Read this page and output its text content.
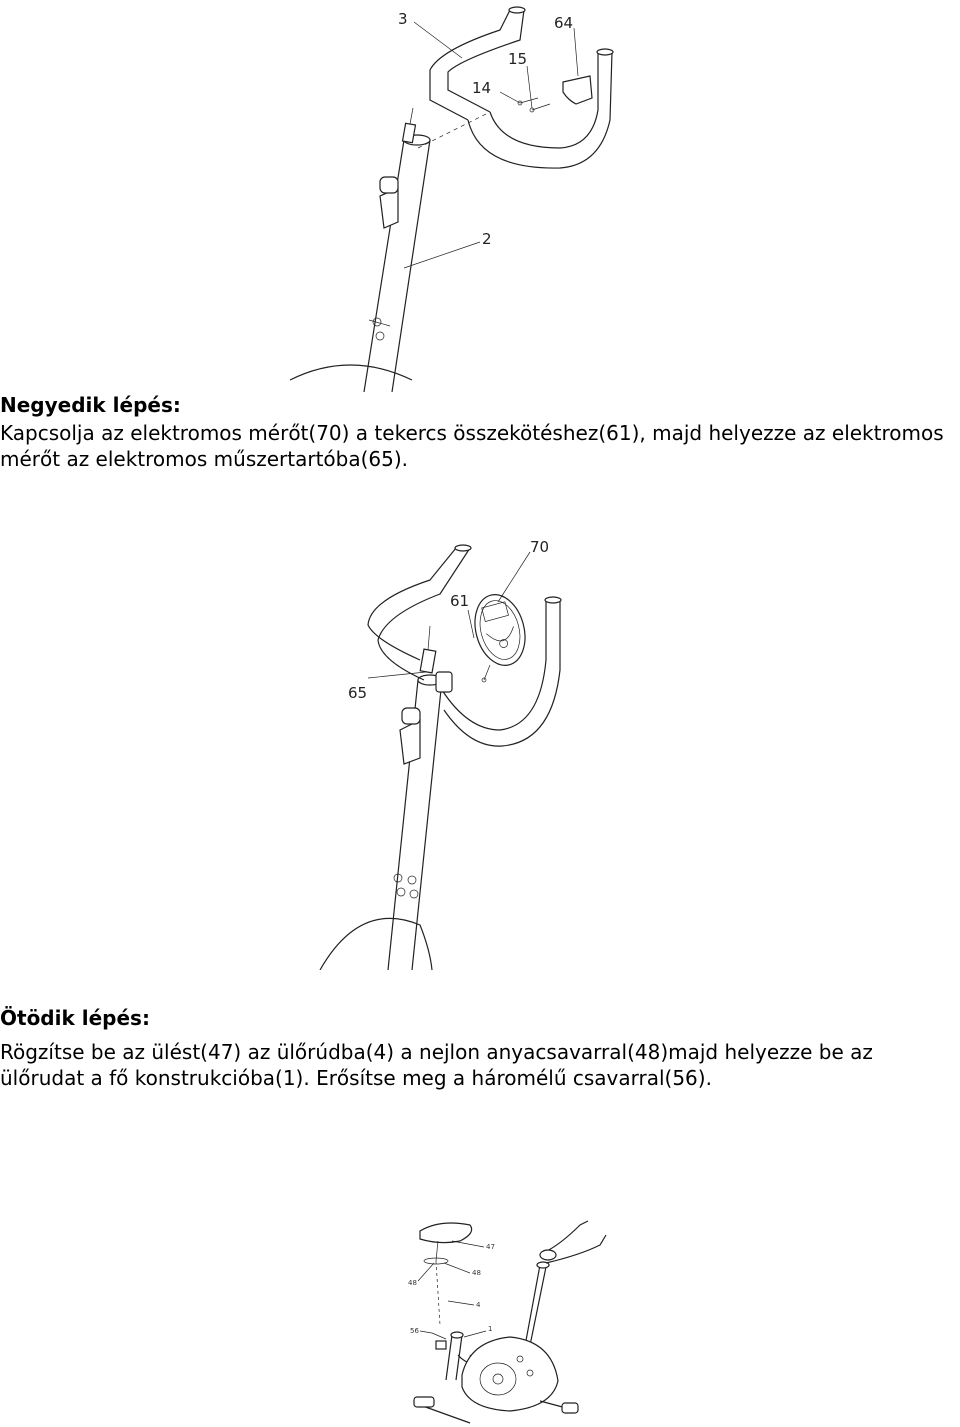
3	64
15
14
2
Negyedik lépés:
Kapcsolja az elektromos mérőt(70) a tekercs összekötéshez(61), majd helyezze az elektromos mérőt az elektromos műszertartóba(65).
70
61
65
Ötödik lépés:
Rögzítse be az ülést(47) az ülőrúdba(4) a nejlon anyacsavarral(48)majd helyezze be az ülőrudat a fő konstrukcióba(1). Erősítse meg a háromélű csavarral(56).
47
48
48
4
56	1
